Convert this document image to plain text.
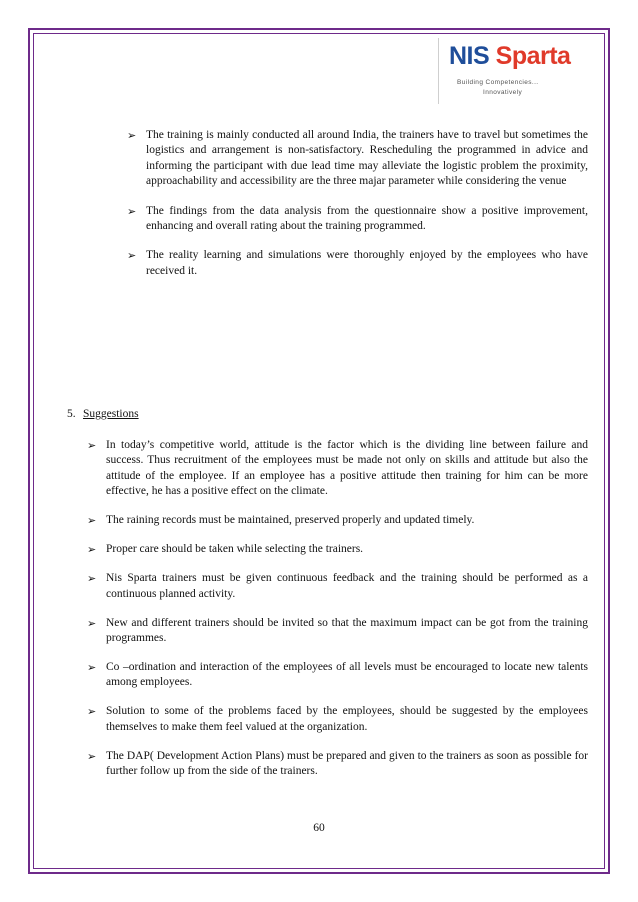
NIS Sparta
Building Competencies...
Innovatively
➢ The training is mainly conducted all around India, the trainers have to travel but sometimes the logistics and arrangement is non-satisfactory. Rescheduling the programmed in advice and informing the participant with due lead time may alleviate the logistic problem the proximity, approachability and accessibility are the three majar parameter while considering the venue
➢ The findings from the data analysis from the questionnaire show a positive improvement, enhancing and overall rating about the training programmed.
➢ The reality learning and simulations were thoroughly enjoyed by the employees who have received it.
5. Suggestions
➢ In today’s competitive world, attitude is the factor which is the dividing line between failure and success. Thus recruitment of the employees must be made not only on skills and attitude but also the attitude of the employee. If an employee has a positive attitude then training for him can be more effective, he has a positive effect on the climate.
➢ The raining records must be maintained, preserved properly and updated timely.
➢ Proper care should be taken while selecting the trainers.
➢ Nis Sparta trainers must be given continuous feedback and the training should be performed as a continuous planned activity.
➢ New and different trainers should be invited so that the maximum impact can be got from the training programmes.
➢ Co –ordination and interaction of the employees of all levels must be encouraged to locate new talents among employees.
➢ Solution to some of the problems faced by the employees, should be suggested by the employees themselves to make them feel valued at the organization.
➢ The DAP( Development Action Plans) must be prepared and given to the trainers as soon as possible for further follow up from the side of the trainers.
60
